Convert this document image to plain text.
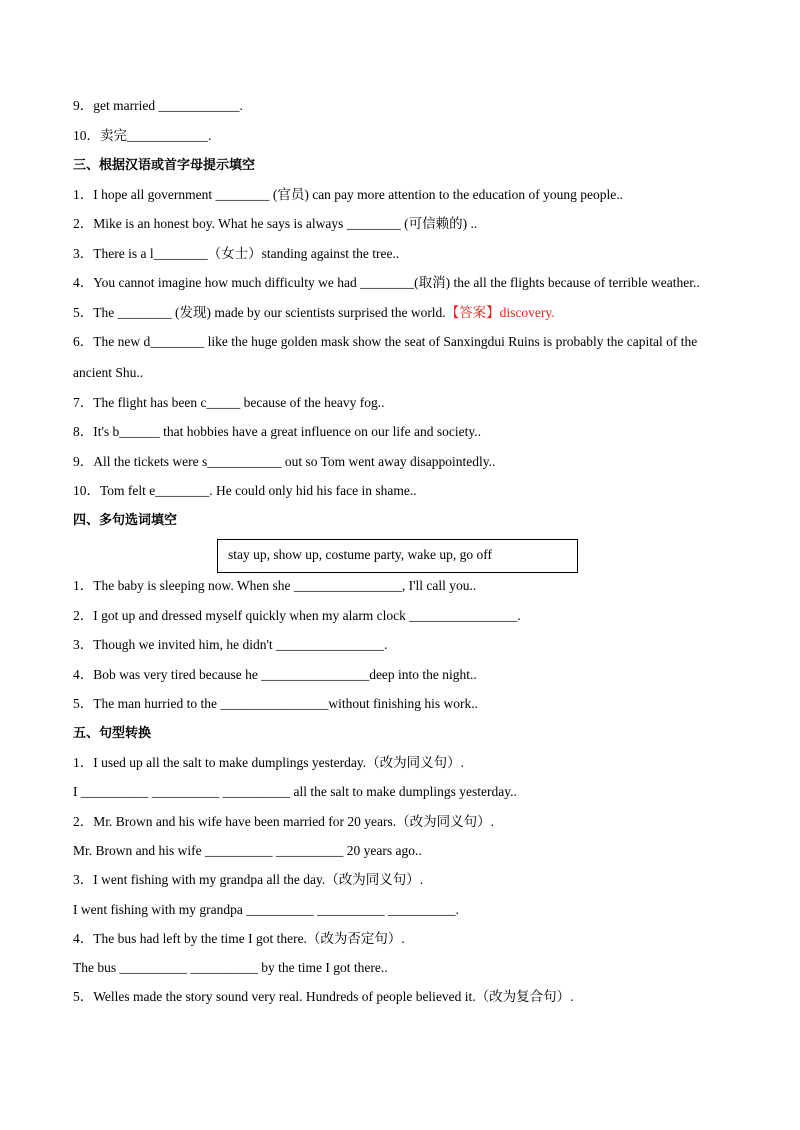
9．get married ____________.
10．卖完____________.
三、根据汉语或首字母提示填空
1．I hope all government ________ (官员) can pay more attention to the education of young people..
2．Mike is an honest boy. What he says is always ________ (可信赖的) ..
3．There is a l________（女士）standing against the tree..
4．You cannot imagine how much difficulty we had ________(取消) the all the flights because of terrible weather..
5．The ________ (发现) made by our scientists surprised the world.【答案】discovery.
6．The new d________ like the huge golden mask show the seat of Sanxingdui Ruins is probably the capital of the
ancient Shu..
7．The flight has been c_____ because of the heavy fog..
8．It's b______ that hobbies have a great influence on our life and society..
9．All the tickets were s___________ out so Tom went away disappointedly..
10．Tom felt e________. He could only hid his face in shame..
四、多句选词填空
stay up, show up, costume party, wake up, go off
1．The baby is sleeping now. When she ________________, I'll call you..
2．I got up and dressed myself quickly when my alarm clock ________________.
3．Though we invited him, he didn't ________________.
4．Bob was very tired because he ________________deep into the night..
5．The man hurried to the ________________without finishing his work..
五、句型转换
1．I used up all the salt to make dumplings yesterday.（改为同义句）.
I __________ __________ __________ all the salt to make dumplings yesterday..
2．Mr. Brown and his wife have been married for 20 years.（改为同义句）.
Mr. Brown and his wife __________ __________ 20 years ago..
3．I went fishing with my grandpa all the day.（改为同义句）.
I went fishing with my grandpa __________ __________ __________.
4．The bus had left by the time I got there.（改为否定句）.
The bus __________ __________ by the time I got there..
5．Welles made the story sound very real. Hundreds of people believed it.（改为复合句）.
